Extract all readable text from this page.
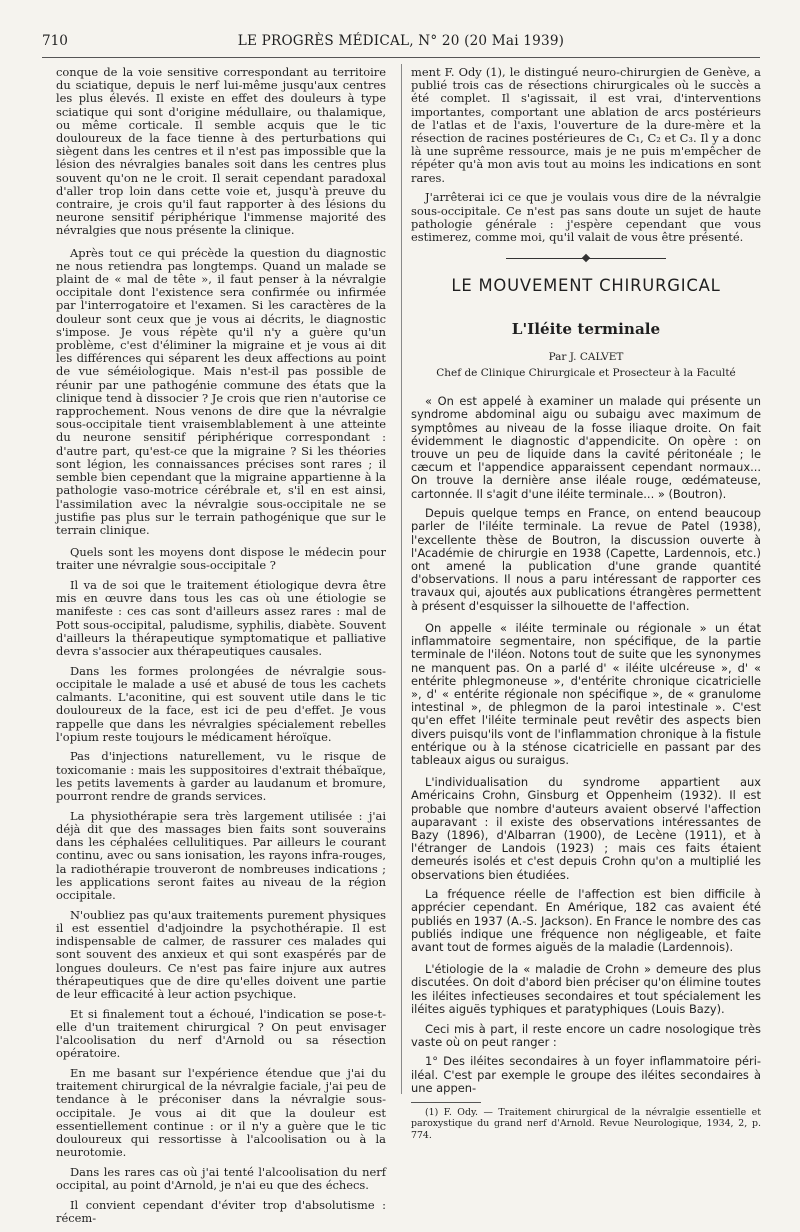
710	LE PROGRÈS MÉDICAL, N° 20 (20 Mai 1939)

conque de la voie sensitive correspondant au territoire du sciatique, depuis le nerf lui-même jusqu'aux centres les plus élevés. Il existe en effet des douleurs à type sciatique qui sont d'origine médullaire, ou thalamique, ou même corticale. Il semble acquis que le tic douloureux de la face tienne à des perturbations qui siègent dans les centres et il n'est pas impossible que la lésion des névralgies banales soit dans les centres plus souvent qu'on ne le croit. Il serait cependant paradoxal d'aller trop loin dans cette voie et, jusqu'à preuve du contraire, je crois qu'il faut rapporter à des lésions du neurone sensitif périphérique l'immense majorité des névralgies que nous présente la clinique.

Après tout ce qui précède la question du diagnostic ne nous retiendra pas longtemps. Quand un malade se plaint de « mal de tête », il faut penser à la névralgie occipitale dont l'existence sera confirmée ou infirmée par l'interrogatoire et l'examen. Si les caractères de la douleur sont ceux que je vous ai décrits, le diagnostic s'impose. Je vous répète qu'il n'y a guère qu'un problème, c'est d'éliminer la migraine et je vous ai dit les différences qui séparent les deux affections au point de vue séméiologique. Mais n'est-il pas possible de réunir par une pathogénie commune des états que la clinique tend à dissocier ? Je crois que rien n'autorise ce rapprochement. Nous venons de dire que la névralgie sous-occipitale tient vraisemblablement à une atteinte du neurone sensitif périphérique correspondant : d'autre part, qu'est-ce que la migraine ? Si les théories sont légion, les connaissances précises sont rares ; il semble bien cependant que la migraine appartienne à la pathologie vaso-motrice cérébrale et, s'il en est ainsi, l'assimilation avec la névralgie sous-occipitale ne se justifie pas plus sur le terrain pathogénique que sur le terrain clinique.

Quels sont les moyens dont dispose le médecin pour traiter une névralgie sous-occipitale ?

Il va de soi que le traitement étiologique devra être mis en œuvre dans tous les cas où une étiologie se manifeste : ces cas sont d'ailleurs assez rares : mal de Pott sous-occipital, paludisme, syphilis, diabète. Souvent d'ailleurs la thérapeutique symptomatique et palliative devra s'associer aux thérapeutiques causales.

Dans les formes prolongées de névralgie sous-occipitale le malade a usé et abusé de tous les cachets calmants. L'aconitine, qui est souvent utile dans le tic douloureux de la face, est ici de peu d'effet. Je vous rappelle que dans les névralgies spécialement rebelles l'opium reste toujours le médicament héroïque.

Pas d'injections naturellement, vu le risque de toxicomanie : mais les suppositoires d'extrait thébaïque, les petits lavements à garder au laudanum et bromure, pourront rendre de grands services.

La physiothérapie sera très largement utilisée : j'ai déjà dit que des massages bien faits sont souverains dans les céphalées cellulitiques. Par ailleurs le courant continu, avec ou sans ionisation, les rayons infra-rouges, la radiothérapie trouveront de nombreuses indications ; les applications seront faites au niveau de la région occipitale.

N'oubliez pas qu'aux traitements purement physiques il est essentiel d'adjoindre la psychothérapie. Il est indispensable de calmer, de rassurer ces malades qui sont souvent des anxieux et qui sont exaspérés par de longues douleurs. Ce n'est pas faire injure aux autres thérapeutiques que de dire qu'elles doivent une partie de leur efficacité à leur action psychique.

Et si finalement tout a échoué, l'indication se pose-t-elle d'un traitement chirurgical ? On peut envisager l'alcoolisation du nerf d'Arnold ou sa résection opératoire.

En me basant sur l'expérience étendue que j'ai du traitement chirurgical de la névralgie faciale, j'ai peu de tendance à le préconiser dans la névralgie sous-occipitale. Je vous ai dit que la douleur est essentiellement continue : or il n'y a guère que le tic douloureux qui ressortisse à l'alcoolisation ou à la neurotomie.

Dans les rares cas où j'ai tenté l'alcoolisation du nerf occipital, au point d'Arnold, je n'ai eu que des échecs.

Il convient cependant d'éviter trop d'absolutisme : récem-

ment F. Ody (1), le distingué neuro-chirurgien de Genève, a publié trois cas de résections chirurgicales où le succès a été complet. Il s'agissait, il est vrai, d'interventions importantes, comportant une ablation de arcs postérieurs de l'atlas et de l'axis, l'ouverture de la dure-mère et la résection de racines postérieures de C₁, C₂ et C₃. Il y a donc là une suprême ressource, mais je ne puis m'empêcher de répéter qu'à mon avis tout au moins les indications en sont rares.

J'arrêterai ici ce que je voulais vous dire de la névralgie sous-occipitale. Ce n'est pas sans doute un sujet de haute pathologie générale : j'espère cependant que vous estimerez, comme moi, qu'il valait de vous être présenté.

LE MOUVEMENT CHIRURGICAL
L'Iléite terminale
Par J. CALVET
Chef de Clinique Chirurgicale et Prosecteur à la Faculté

« On est appelé à examiner un malade qui présente un syndrome abdominal aigu ou subaigu avec maximum de symptômes au niveau de la fosse iliaque droite. On fait évidemment le diagnostic d'appendicite. On opère : on trouve un peu de liquide dans la cavité péritonéale ; le cæcum et l'appendice apparaissent cependant normaux... On trouve la dernière anse iléale rouge, œdémateuse, cartonnée. Il s'agit d'une iléite terminale... » (Boutron).

Depuis quelque temps en France, on entend beaucoup parler de l'iléite terminale. La revue de Patel (1938), l'excellente thèse de Boutron, la discussion ouverte à l'Académie de chirurgie en 1938 (Capette, Lardennois, etc.) ont amené la publication d'une grande quantité d'observations. Il nous a paru intéressant de rapporter ces travaux qui, ajoutés aux publications étrangères permettent à présent d'esquisser la silhouette de l'affection.

On appelle « iléite terminale ou régionale » un état inflammatoire segmentaire, non spécifique, de la partie terminale de l'iléon. Notons tout de suite que les synonymes ne manquent pas. On a parlé d' « iléite ulcéreuse », d' « entérite phlegmoneuse », d'entérite chronique cicatricielle », d' « entérite régionale non spécifique », de « granulome intestinal », de phlegmon de la paroi intestinale ». C'est qu'en effet l'iléite terminale peut revêtir des aspects bien divers puisqu'ils vont de l'inflammation chronique à la fistule entérique ou à la sténose cicatricielle en passant par des tableaux aigus ou suraigus.

L'individualisation du syndrome appartient aux Américains Crohn, Ginsburg et Oppenheim (1932). Il est probable que nombre d'auteurs avaient observé l'affection auparavant : il existe des observations intéressantes de Bazy (1896), d'Albarran (1900), de Lecène (1911), et à l'étranger de Landois (1923) ; mais ces faits étaient demeurés isolés et c'est depuis Crohn qu'on a multiplié les observations bien étudiées.

La fréquence réelle de l'affection est bien difficile à apprécier cependant. En Amérique, 182 cas avaient été publiés en 1937 (A.-S. Jackson). En France le nombre des cas publiés indique une fréquence non négligeable, et faite avant tout de formes aiguës de la maladie (Lardennois).

L'étiologie de la « maladie de Crohn » demeure des plus discutées. On doit d'abord bien préciser qu'on élimine toutes les iléites infectieuses secondaires et tout spécialement les iléites aiguës typhiques et paratyphiques (Louis Bazy).

Ceci mis à part, il reste encore un cadre nosologique très vaste où on peut ranger :

1° Des iléites secondaires à un foyer inflammatoire péri-iléal. C'est par exemple le groupe des iléites secondaires à une appen-

(1) F. Ody. — Traitement chirurgical de la névralgie essentielle et paroxystique du grand nerf d'Arnold. Revue Neurologique, 1934, 2, p. 774.
